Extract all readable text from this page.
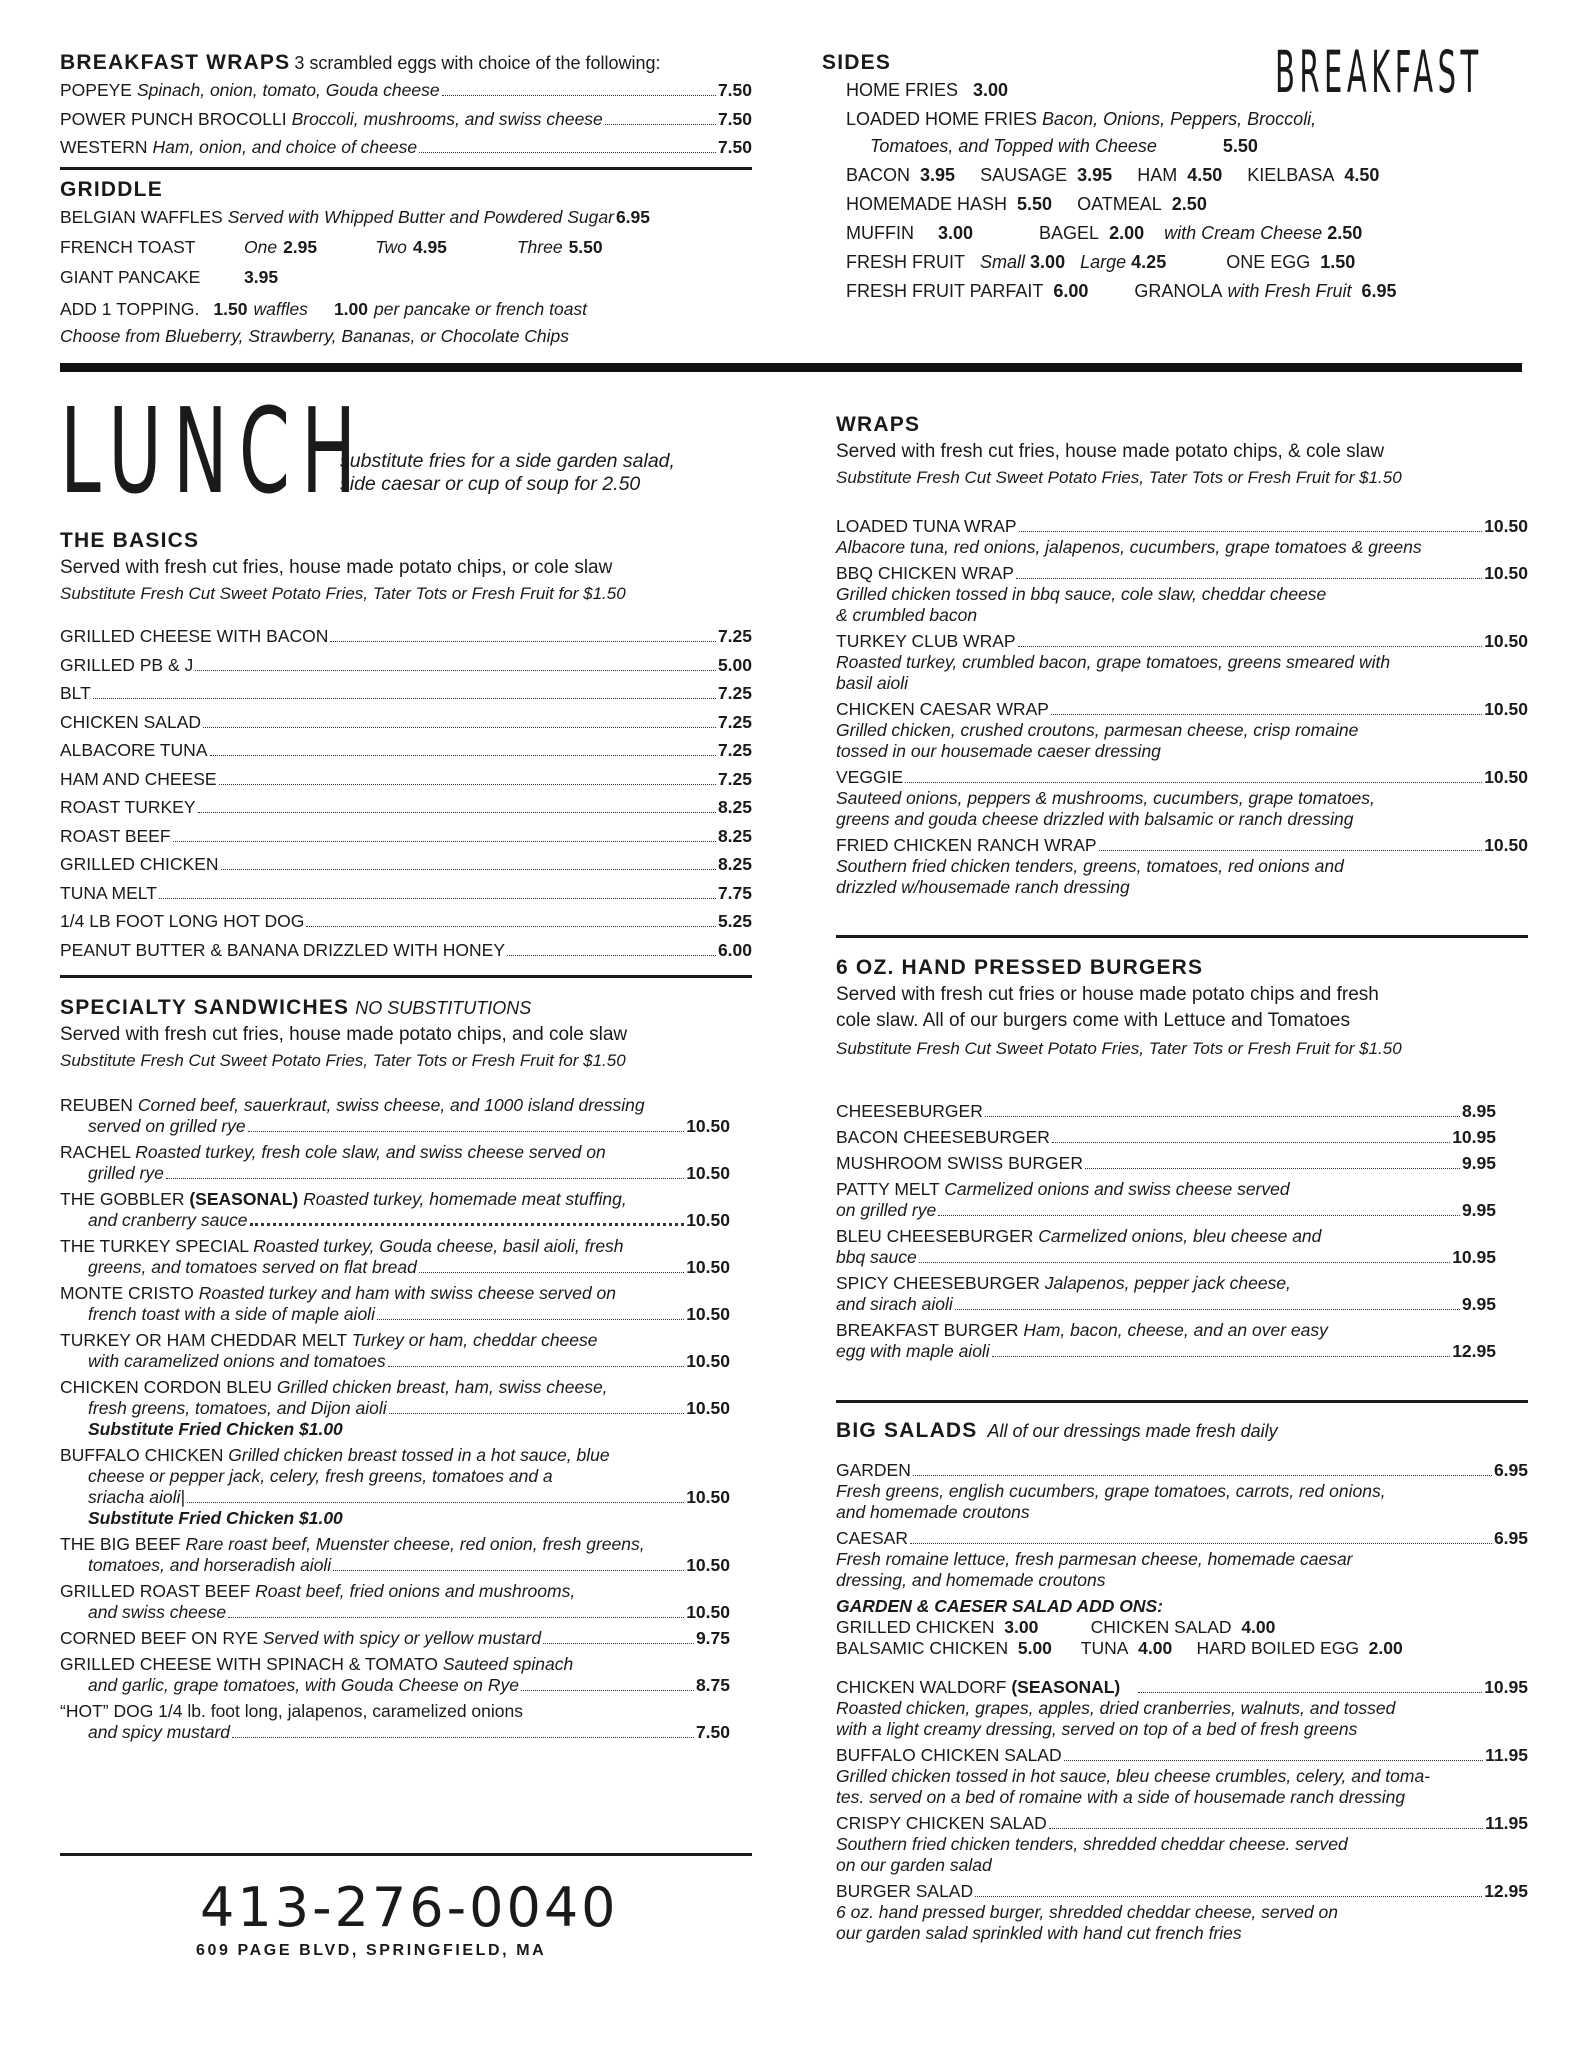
BREAKFAST WRAPS 3 scrambled eggs with choice of the following:
POPEYE Spinach, onion, tomato, Gouda cheese	7.50
POWER PUNCH BROCOLLI Broccoli, mushrooms, and swiss cheese	7.50
WESTERN Ham, onion, and choice of cheese	7.50
GRIDDLE
BELGIAN WAFFLES Served with Whipped Butter and Powdered Sugar 6.95
FRENCH TOAST	One 2.95	Two 4.95	Three 5.50
GIANT PANCAKE	3.95
ADD 1 TOPPING. 1.50 waffles 1.00 per pancake or french toast
Choose from Blueberry, Strawberry, Bananas, or Chocolate Chips
SIDES
HOME FRIES 3.00
LOADED HOME FRIES Bacon, Onions, Peppers, Broccoli,
Tomatoes, and Topped with Cheese	5.50
BACON 3.95 SAUSAGE 3.95 HAM 4.50 KIELBASA 4.50
HOMEMADE HASH 5.50 OATMEAL 2.50
MUFFIN 3.00	BAGEL 2.00 with Cream Cheese 2.50
FRESH FRUIT Small 3.00 Large 4.25	ONE EGG 1.50
FRESH FRUIT PARFAIT 6.00	GRANOLA with Fresh Fruit 6.95
BREAKFAST
LUNCH
substitute fries for a side garden salad,
side caesar or cup of soup for 2.50
THE BASICS
Served with fresh cut fries, house made potato chips, or cole slaw
Substitute Fresh Cut Sweet Potato Fries, Tater Tots or Fresh Fruit for $1.50
GRILLED CHEESE WITH BACON	7.25
GRILLED PB & J	5.00
BLT	7.25
CHICKEN SALAD	7.25
ALBACORE TUNA	7.25
HAM AND CHEESE	7.25
ROAST TURKEY	8.25
ROAST BEEF	8.25
GRILLED CHICKEN	8.25
TUNA MELT	7.75
1/4 LB FOOT LONG HOT DOG	5.25
PEANUT BUTTER & BANANA DRIZZLED WITH HONEY	6.00
SPECIALTY SANDWICHES NO SUBSTITUTIONS
Served with fresh cut fries, house made potato chips, and cole slaw
Substitute Fresh Cut Sweet Potato Fries, Tater Tots or Fresh Fruit for $1.50
REUBEN Corned beef, sauerkraut, swiss cheese, and 1000 island dressing
served on grilled rye	10.50
RACHEL Roasted turkey, fresh cole slaw, and swiss cheese served on
grilled rye	10.50
THE GOBBLER (SEASONAL) Roasted turkey, homemade meat stuffing,
and cranberry sauce	10.50
THE TURKEY SPECIAL Roasted turkey, Gouda cheese, basil aioli, fresh
greens, and tomatoes served on flat bread	10.50
MONTE CRISTO Roasted turkey and ham with swiss cheese served on
french toast with a side of maple aioli	10.50
TURKEY OR HAM CHEDDAR MELT Turkey or ham, cheddar cheese
with caramelized onions and tomatoes	10.50
CHICKEN CORDON BLEU Grilled chicken breast, ham, swiss cheese,
fresh greens, tomatoes, and Dijon aioli	10.50
Substitute Fried Chicken $1.00
BUFFALO CHICKEN Grilled chicken breast tossed in a hot sauce, blue
cheese or pepper jack, celery, fresh greens, tomatoes and a
sriacha aioli|	10.50
Substitute Fried Chicken $1.00
THE BIG BEEF Rare roast beef, Muenster cheese, red onion, fresh greens,
tomatoes, and horseradish aioli	10.50
GRILLED ROAST BEEF Roast beef, fried onions and mushrooms,
and swiss cheese	10.50
CORNED BEEF ON RYE
Served with spicy or yellow mustard	9.75
GRILLED CHEESE WITH SPINACH & TOMATO Sauteed spinach
and garlic, grape tomatoes, with Gouda Cheese on Rye	8.75
“HOT” DOG 1/4 lb. foot long, jalapenos, caramelized onions
and spicy mustard	7.50
413-276-0040
609 PAGE BLVD, SPRINGFIELD, MA
WRAPS
Served with fresh cut fries, house made potato chips, & cole slaw
Substitute Fresh Cut Sweet Potato Fries, Tater Tots or Fresh Fruit for $1.50
LOADED TUNA WRAP	10.50
Albacore tuna, red onions, jalapenos, cucumbers, grape tomatoes & greens
BBQ CHICKEN WRAP	10.50
Grilled chicken tossed in bbq sauce, cole slaw, cheddar cheese
& crumbled bacon
TURKEY CLUB WRAP	10.50
Roasted turkey, crumbled bacon, grape tomatoes, greens smeared with
basil aioli
CHICKEN CAESAR WRAP	10.50
Grilled chicken, crushed croutons, parmesan cheese, crisp romaine
tossed in our housemade caeser dressing
VEGGIE	10.50
Sauteed onions, peppers & mushrooms, cucumbers, grape tomatoes,
greens and gouda cheese drizzled with balsamic or ranch dressing
FRIED CHICKEN RANCH WRAP	10.50
Southern fried chicken tenders, greens, tomatoes, red onions and
drizzled w/housemade ranch dressing
6 OZ. HAND PRESSED BURGERS
Served with fresh cut fries or house made potato chips and fresh
cole slaw. All of our burgers come with Lettuce and Tomatoes
Substitute Fresh Cut Sweet Potato Fries, Tater Tots or Fresh Fruit for $1.50
CHEESEBURGER	8.95
BACON CHEESEBURGER	10.95
MUSHROOM SWISS BURGER	9.95
PATTY MELT Carmelized onions and swiss cheese served
on grilled rye	9.95
BLEU CHEESEBURGER Carmelized onions, bleu cheese and
bbq sauce	10.95
SPICY CHEESEBURGER Jalapenos, pepper jack cheese,
and sirach aioli	9.95
BREAKFAST BURGER Ham, bacon, cheese, and an over easy
egg with maple aioli	12.95
BIG SALADS All of our dressings made fresh daily
GARDEN	6.95
Fresh greens, english cucumbers, grape tomatoes, carrots, red onions,
and homemade croutons
CAESAR	6.95
Fresh romaine lettuce, fresh parmesan cheese, homemade caesar
dressing, and homemade croutons
GARDEN & CAESER SALAD ADD ONS:
GRILLED CHICKEN 3.00	CHICKEN SALAD 4.00
BALSAMIC CHICKEN 5.00 TUNA 4.00 HARD BOILED EGG 2.00
CHICKEN WALDORF
(SEASONAL)	10.95
Roasted chicken, grapes, apples, dried cranberries, walnuts, and tossed
with a light creamy dressing, served on top of a bed of fresh greens
BUFFALO CHICKEN SALAD	11.95
Grilled chicken tossed in hot sauce, bleu cheese crumbles, celery, and toma-
tes. served on a bed of romaine with a side of housemade ranch dressing
CRISPY CHICKEN SALAD	11.95
Southern fried chicken tenders, shredded cheddar cheese. served
on our garden salad
BURGER SALAD	12.95
6 oz. hand pressed burger, shredded cheddar cheese, served on
our garden salad sprinkled with hand cut french fries
